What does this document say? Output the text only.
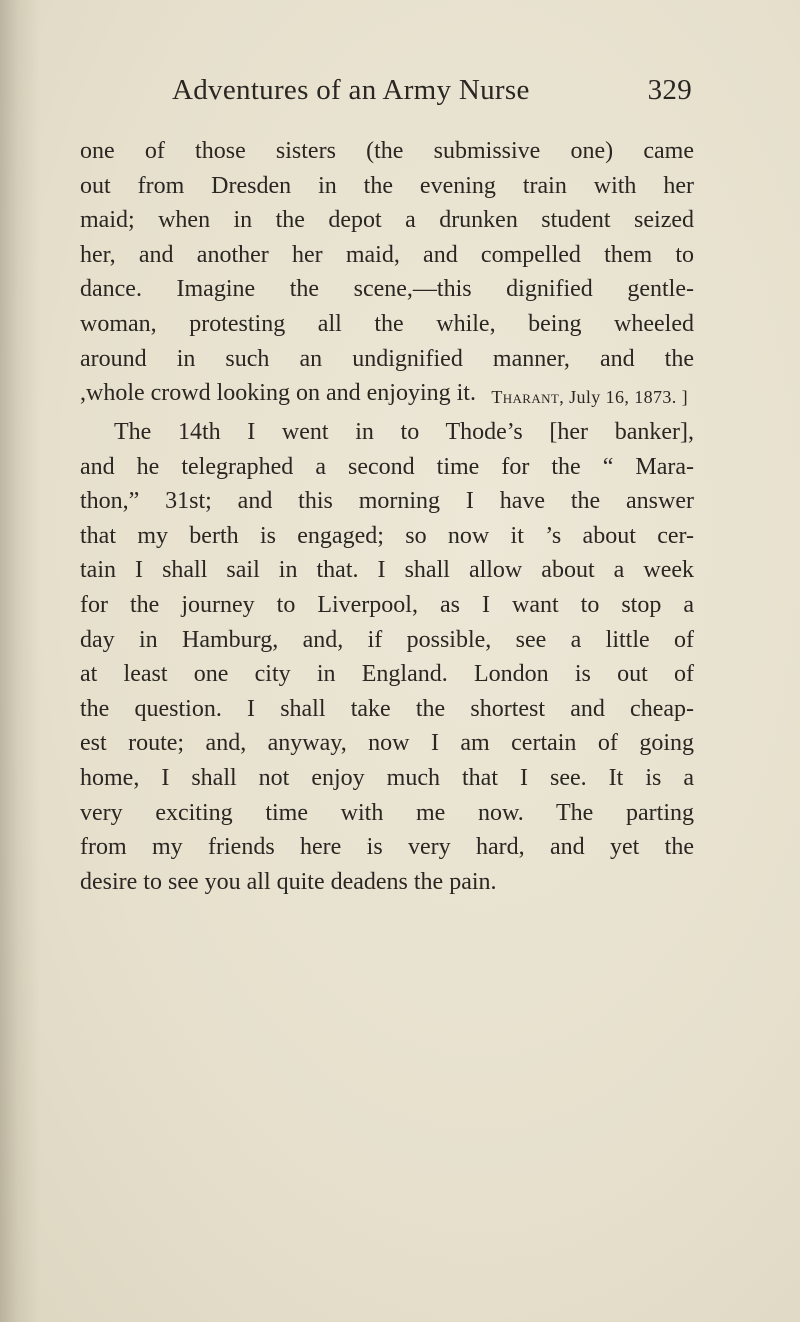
Adventures of an Army Nurse	329
one of those sisters (the submissive one) came
out from Dresden in the evening train with her
maid; when in the depot a drunken student seized
her, and another her maid, and compelled them to
dance. Imagine the scene,—this dignified gentle-
woman, protesting all the while, being wheeled
around in such an undignified manner, and the
,whole crowd looking on and enjoying it. Tharant, July 16, 1873. ]
The 14th I went in to Thode’s [her banker],
and he telegraphed a second time for the “ Mara-
thon,” 31st; and this morning I have the answer
that my berth is engaged; so now it ’s about cer-
tain I shall sail in that. I shall allow about a week
for the journey to Liverpool, as I want to stop a
day in Hamburg, and, if possible, see a little of
at least one city in England. London is out of
the question. I shall take the shortest and cheap-
est route; and, anyway, now I am certain of going
home, I shall not enjoy much that I see. It is a
very exciting time with me now. The parting
from my friends here is very hard, and yet the
desire to see you all quite deadens the pain.
